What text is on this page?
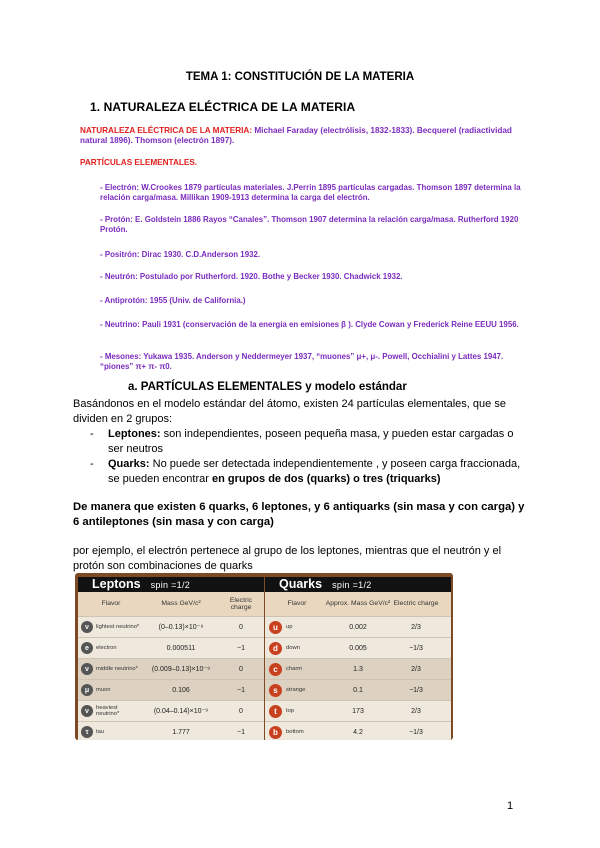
TEMA 1: CONSTITUCIÓN DE LA MATERIA
1. NATURALEZA ELÉCTRICA DE LA MATERIA
NATURALEZA ELÉCTRICA DE LA MATERIA: Michael Faraday (electrólisis, 1832-1833). Becquerel (radiactividad natural 1896). Thomson (electrón 1897).
PARTÍCULAS ELEMENTALES.
- Electrón: W.Crookes 1879 partículas materiales. J.Perrin 1895 partículas cargadas. Thomson 1897 determina la relación carga/masa. Millikan 1909-1913 determina la carga del electrón.
- Protón: E. Goldstein 1886 Rayos “Canales”. Thomson 1907 determina la relación carga/masa. Rutherford 1920 Protón.
- Positrón: Dirac 1930. C.D.Anderson 1932.
- Neutrón: Postulado por Rutherford. 1920. Bothe y Becker 1930. Chadwick 1932.
- Antiprotón: 1955 (Univ. de California.)
- Neutrino: Pauli 1931 (conservación de la energía en emisiones β ). Clyde Cowan y Frederick Reine EEUU 1956.
- Mesones: Yukawa 1935. Anderson y Neddermeyer 1937, “muones” μ+, μ-. Powell, Occhialini y Lattes 1947. “piones” π+ π- π0.
a. PARTÍCULAS ELEMENTALES y modelo estándar
Basándonos en el modelo estándar del átomo, existen 24 partículas elementales, que se dividen en 2 grupos:
- Leptones: son independientes, poseen pequeña masa, y pueden estar cargadas o ser neutros
- Quarks: No puede ser detectada independientemente , y poseen carga fraccionada, se pueden encontrar en grupos de dos (quarks) o tres (triquarks)
De manera que existen 6 quarks, 6 leptones, y 6 antiquarks (sin masa y con carga) y 6 antileptones (sin masa y con carga)
por ejemplo, el electrón pertenece al grupo de los leptones, mientras que el neutrón y el protón son combinaciones de quarks
Leptons spin =1/2
Flavor	Mass GeV/c²
Electric charge
ν	lightest neutrino*	(0–0.13)×10⁻⁹	0
e	electron	0.000511	−1
ν	middle neutrino*	(0.009–0.13)×10⁻⁹	0
μ	muon	0.106	−1
ν	heaviest neutrino*	(0.04–0.14)×10⁻⁹	0
τ	tau	1.777	−1
Quarks spin =1/2
Flavor	Approx. Mass GeV/c² Electric charge
u	up	0.002	2/3
d	down	0.005	−1/3
c	charm	1.3	2/3
s	strange	0.1	−1/3
t	top	173	2/3
b	bottom	4.2	−1/3
1
